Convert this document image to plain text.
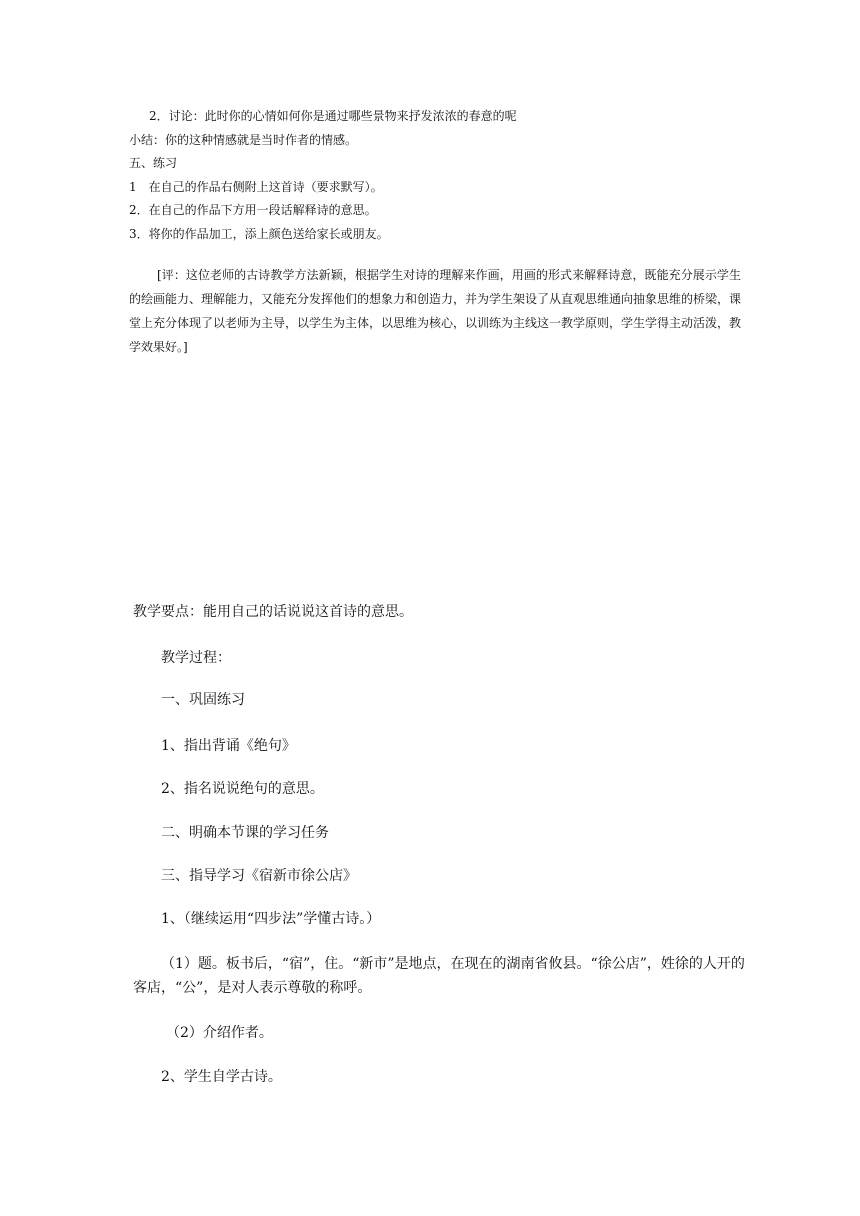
2．讨论：此时你的心情如何你是通过哪些景物来抒发浓浓的春意的呢

小结：你的这种情感就是当时作者的情感。

五、练习

1　在自己的作品右侧附上这首诗（要求默写）。

2．在自己的作品下方用一段话解释诗的意思。

3．将你的作品加工，添上颜色送给家长或朋友。

[评：这位老师的古诗教学方法新颖，根据学生对诗的理解来作画，用画的形式来解释诗意，既能充分展示学生的绘画能力、理解能力，又能充分发挥他们的想象力和创造力，并为学生架设了从直观思维通向抽象思维的桥梁，课堂上充分体现了以老师为主导，以学生为主体，以思维为核心，以训练为主线这一教学原则，学生学得主动活泼，教学效果好。]

教学要点：能用自己的话说说这首诗的意思。

教学过程：

一、巩固练习

1、指出背诵《绝句》

2、指名说说绝句的意思。

二、明确本节课的学习任务

三、指导学习《宿新市徐公店》

1、（继续运用“四步法”学懂古诗。）

（1）题。板书后，“宿”，住。“新市”是地点，在现在的湖南省攸县。“徐公店”，姓徐的人开的客店，“公”，是对人表示尊敬的称呼。

（2）介绍作者。

2、学生自学古诗。
